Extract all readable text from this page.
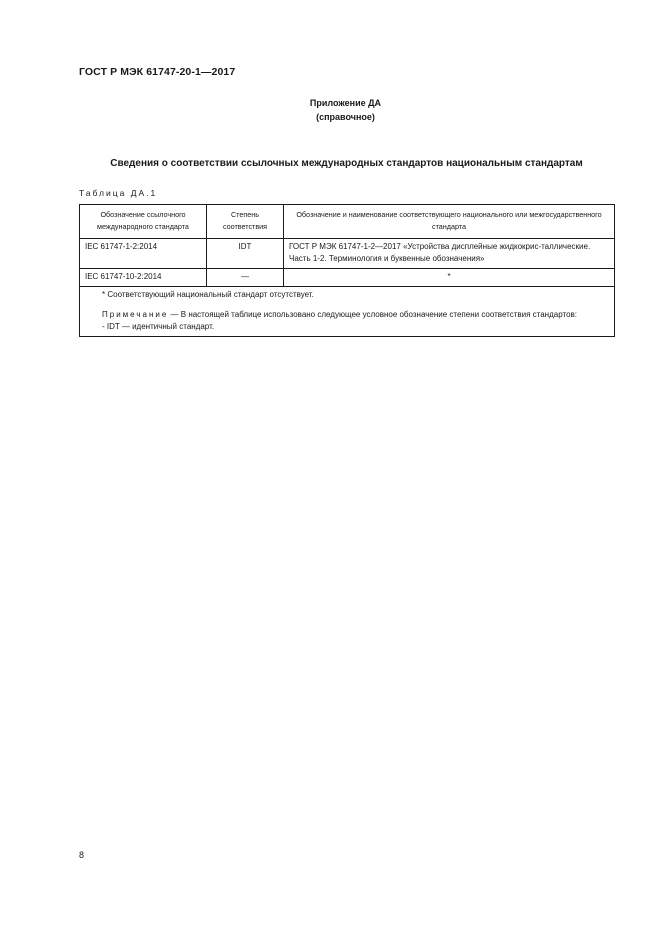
ГОСТ Р МЭК 61747-20-1—2017
Приложение ДА
(справочное)
Сведения о соответствии ссылочных международных стандартов национальным стандартам
Таблица ДА.1
Обозначение ссылочного международного стандарта	Степень соответствия	Обозначение и наименование соответствующего национального или межгосударственного стандарта
IEC 61747-1-2:2014	IDT	ГОСТ Р МЭК 61747-1-2—2017 «Устройства дисплейные жидкокрис-таллические. Часть 1-2. Терминология и буквенные обозначения»
IEC 61747-10-2:2014	—	*

* Соответствующий национальный стандарт отсутствует.

Примечание — В настоящей таблице использовано следующее условное обозначение степени соответствия стандартов:

- IDT — идентичный стандарт.		

8
